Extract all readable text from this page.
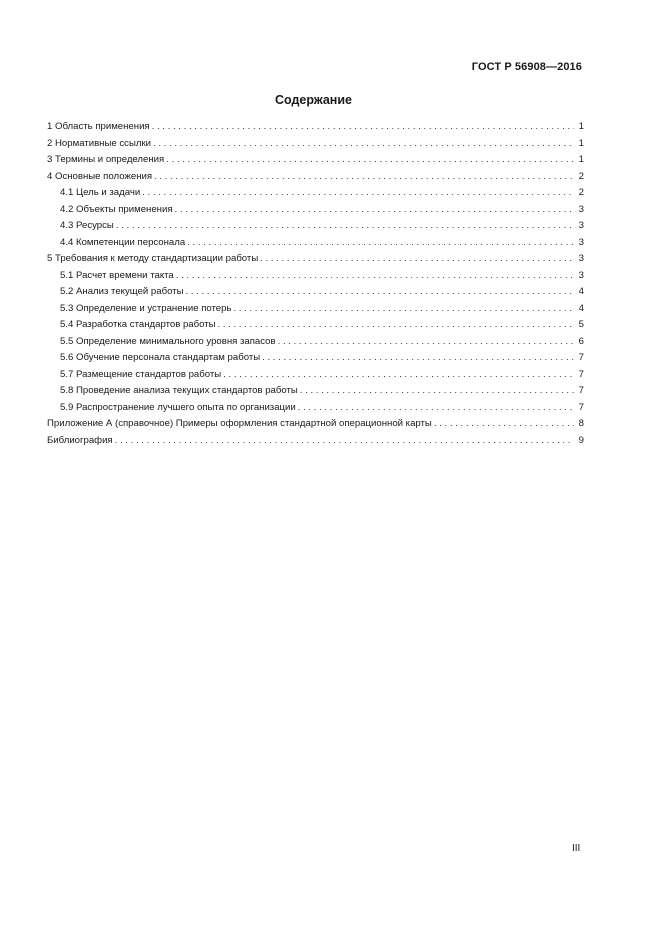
ГОСТ Р 56908—2016
Содержание
1 Область применения . . .	1
2 Нормативные ссылки . . .	1
3 Термины и определения . . .	1
4 Основные положения . . .	2
4.1 Цель и задачи . . .	2
4.2 Объекты применения . . .	3
4.3 Ресурсы . . .	3
4.4 Компетенции персонала . . .	3
5 Требования к методу стандартизации работы . . .	3
5.1 Расчет времени такта . . .	3
5.2 Анализ текущей работы . . .	4
5.3 Определение и устранение потерь . . .	4
5.4 Разработка стандартов работы . . .	5
5.5 Определение минимального уровня запасов . . .	6
5.6 Обучение персонала стандартам работы . . .	7
5.7 Размещение стандартов работы . . .	7
5.8 Проведение анализа текущих стандартов работы . . .	7
5.9 Распространение лучшего опыта по организации . . .	7
Приложение А (справочное) Примеры оформления стандартной операционной карты . . .	8
Библиография . . .	9
III
